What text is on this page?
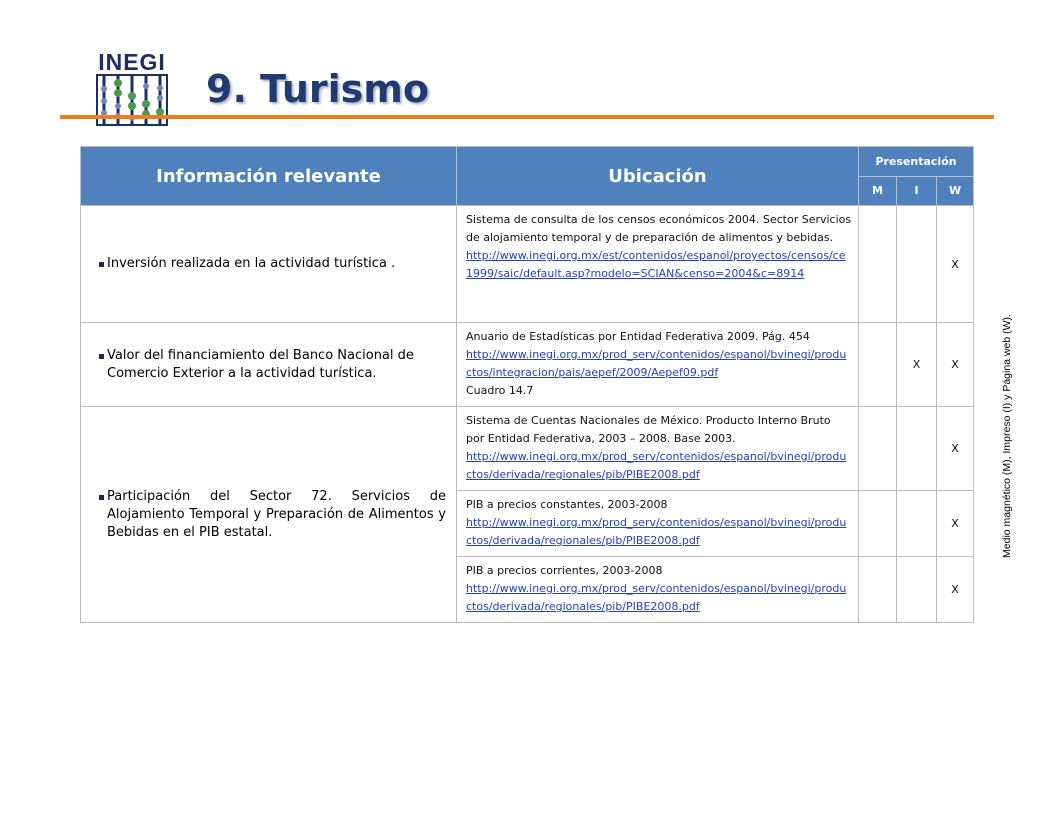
INEGI
9. Turismo
Información relevante	Ubicación	Presentación		
		M	I	W

Inversión realizada en la actividad turística .	Sistema de consulta de los censos económicos 2004. Sector Servicios de alojamiento temporal y de preparación de alimentos y bebidas.
http://www.inegi.org.mx/est/contenidos/espanol/proyectos/censos/ce1999/saic/default.asp?modelo=SCIAN&censo=2004&c=8914			X

Valor del financiamiento del Banco Nacional de Comercio Exterior a la actividad turística.	Anuario de Estadísticas por Entidad Federativa 2009. Pág. 454
http://www.inegi.org.mx/prod_serv/contenidos/espanol/bvinegi/productos/integracion/pais/aepef/2009/Aepef09.pdf
Cuadro 14.7		X	X

Participación del Sector 72. Servicios de Alojamiento Temporal y Preparación de Alimentos y Bebidas en el PIB estatal.	Sistema de Cuentas Nacionales de México. Producto Interno Bruto por Entidad Federativa, 2003 – 2008. Base 2003.
http://www.inegi.org.mx/prod_serv/contenidos/espanol/bvinegi/productos/derivada/regionales/pib/PIBE2008.pdf			X

	PIB a precios constantes, 2003-2008
http://www.inegi.org.mx/prod_serv/contenidos/espanol/bvinegi/productos/derivada/regionales/pib/PIBE2008.pdf			X

	PIB a precios corrientes, 2003-2008
http://www.inegi.org.mx/prod_serv/contenidos/espanol/bvinegi/productos/derivada/regionales/pib/PIBE2008.pdf			X
Medio magnético (M), Impreso (I) y Página web (W).
